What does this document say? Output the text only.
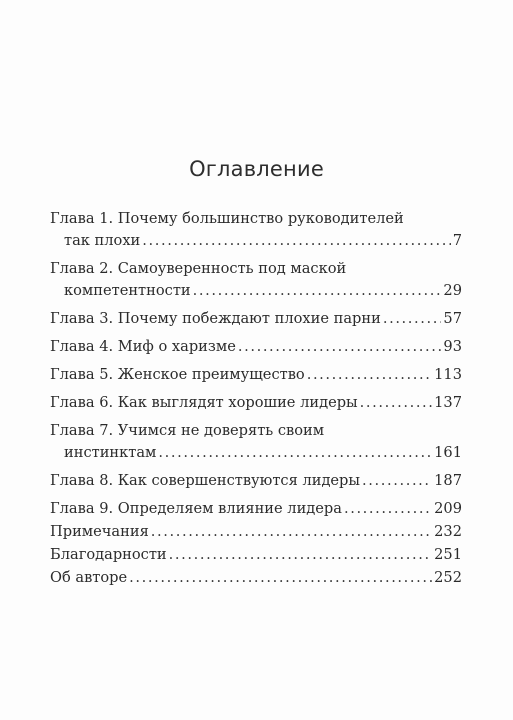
Оглавление
Глава 1. Почему большинство руководителей
так плохи .....	7
Глава 2. Самоуверенность под маской
компетентности .....	29
Глава 3. Почему побеждают плохие парни .....	57
Глава 4. Миф о харизме .....	93
Глава 5. Женское преимущество .....	113
Глава 6. Как выглядят хорошие лидеры .....	137
Глава 7. Учимся не доверять своим
инстинктам .....	161
Глава 8. Как совершенствуются лидеры .....	187
Глава 9. Определяем влияние лидера .....	209
Примечания .....	232
Благодарности .....	251
Об авторе .....	252
